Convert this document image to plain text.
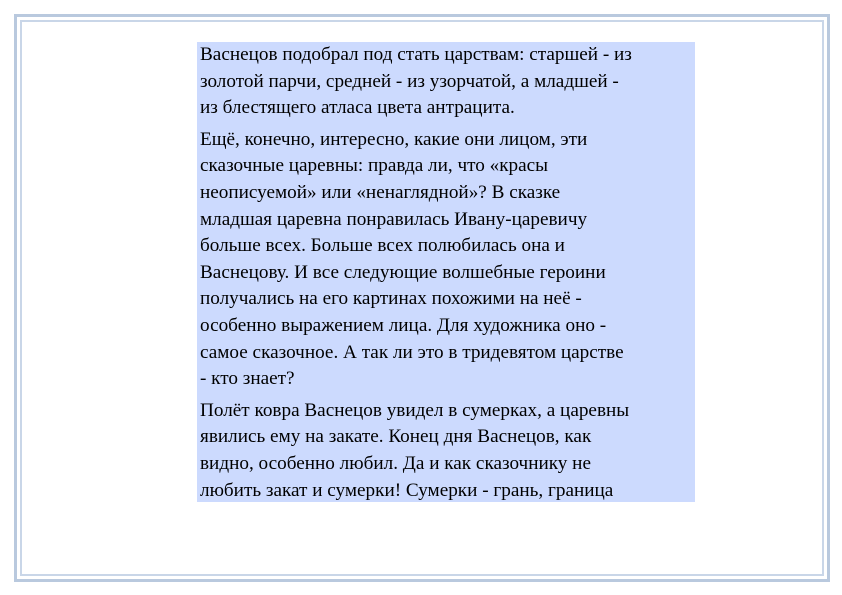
Васнецов подобрал под стать царствам: старшей - из
золотой парчи, средней - из узорчатой, а младшей -
из блестящего атласа цвета антрацита.

Ещё, конечно, интересно, какие они лицом, эти
сказочные царевны: правда ли, что «красы
неописуемой» или «ненаглядной»? В сказке
младшая царевна понравилась Ивану-царевичу
больше всех. Больше всех полюбилась она и
Васнецову. И все следующие волшебные героини
получались на его картинах похожими на неё -
особенно выражением лица. Для художника оно -
самое сказочное. А так ли это в тридевятом царстве
- кто знает?

Полёт ковра Васнецов увидел в сумерках, а царевны
явились ему на закате. Конец дня Васнецов, как
видно, особенно любил. Да и как сказочнику не
любить закат и сумерки! Сумерки - грань, граница
